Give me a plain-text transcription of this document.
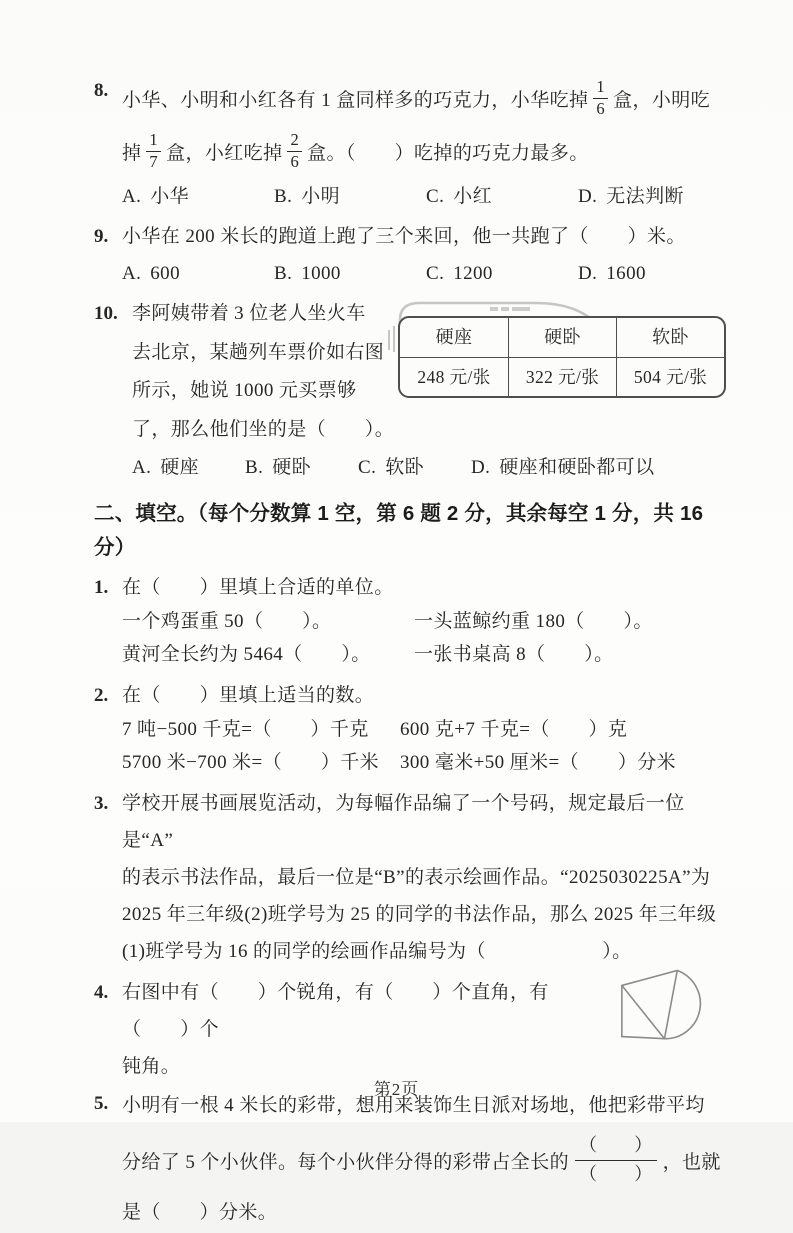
8. 小华、小明和小红各有 1 盒同样多的巧克力，小华吃掉 $\frac{1}{6}$ 盒，小明吃
掉 $\frac{1}{7}$ 盒，小红吃掉 $\frac{2}{6}$ 盒。（　　）吃掉的巧克力最多。
A. 小华	B. 小明	C. 小红	D. 无法判断
9. 小华在 200 米长的跑道上跑了三个来回，他一共跑了（　　）米。
A. 600	B. 1000	C. 1200	D. 1600
10. 李阿姨带着 3 位老人坐火车
去北京，某趟列车票价如右图
所示，她说 1000 元买票够
了，那么他们坐的是（　　）。
硬座	硬卧	软卧
248 元/张	322 元/张	504 元/张
A. 硬座 B. 硬卧 C. 软卧 D. 硬座和硬卧都可以
二、填空。（每个分数算 1 空，第 6 题 2 分，其余每空 1 分，共 16 分）
1. 在（　　）里填上合适的单位。
一个鸡蛋重 50（　　）。	一头蓝鲸约重 180（　　）。
黄河全长约为 5464（　　）。	一张书桌高 8（　　）。
2. 在（　　）里填上适当的数。
7 吨−500 千克=（　　）千克	600 克+7 千克=（　　）克
5700 米−700 米=（　　）千米	300 毫米+50 厘米=（　　）分米
3. 学校开展书画展览活动，为每幅作品编了一个号码，规定最后一位是“A”
的表示书法作品，最后一位是“B”的表示绘画作品。“2025030225A”为
2025 年三年级(2)班学号为 25 的同学的书法作品，那么 2025 年三年级
(1)班学号为 16 的同学的绘画作品编号为（　　　　　　）。
4. 右图中有（　　）个锐角，有（　　）个直角，有（　　）个
钝角。
5. 小明有一根 4 米长的彩带，想用来装饰生日派对场地，他把彩带平均
分给了 5 个小伙伴。每个小伙伴分得的彩带占全长的 $\frac{( )}{( )}$ ，也就
是（　　）分米。
第2页
